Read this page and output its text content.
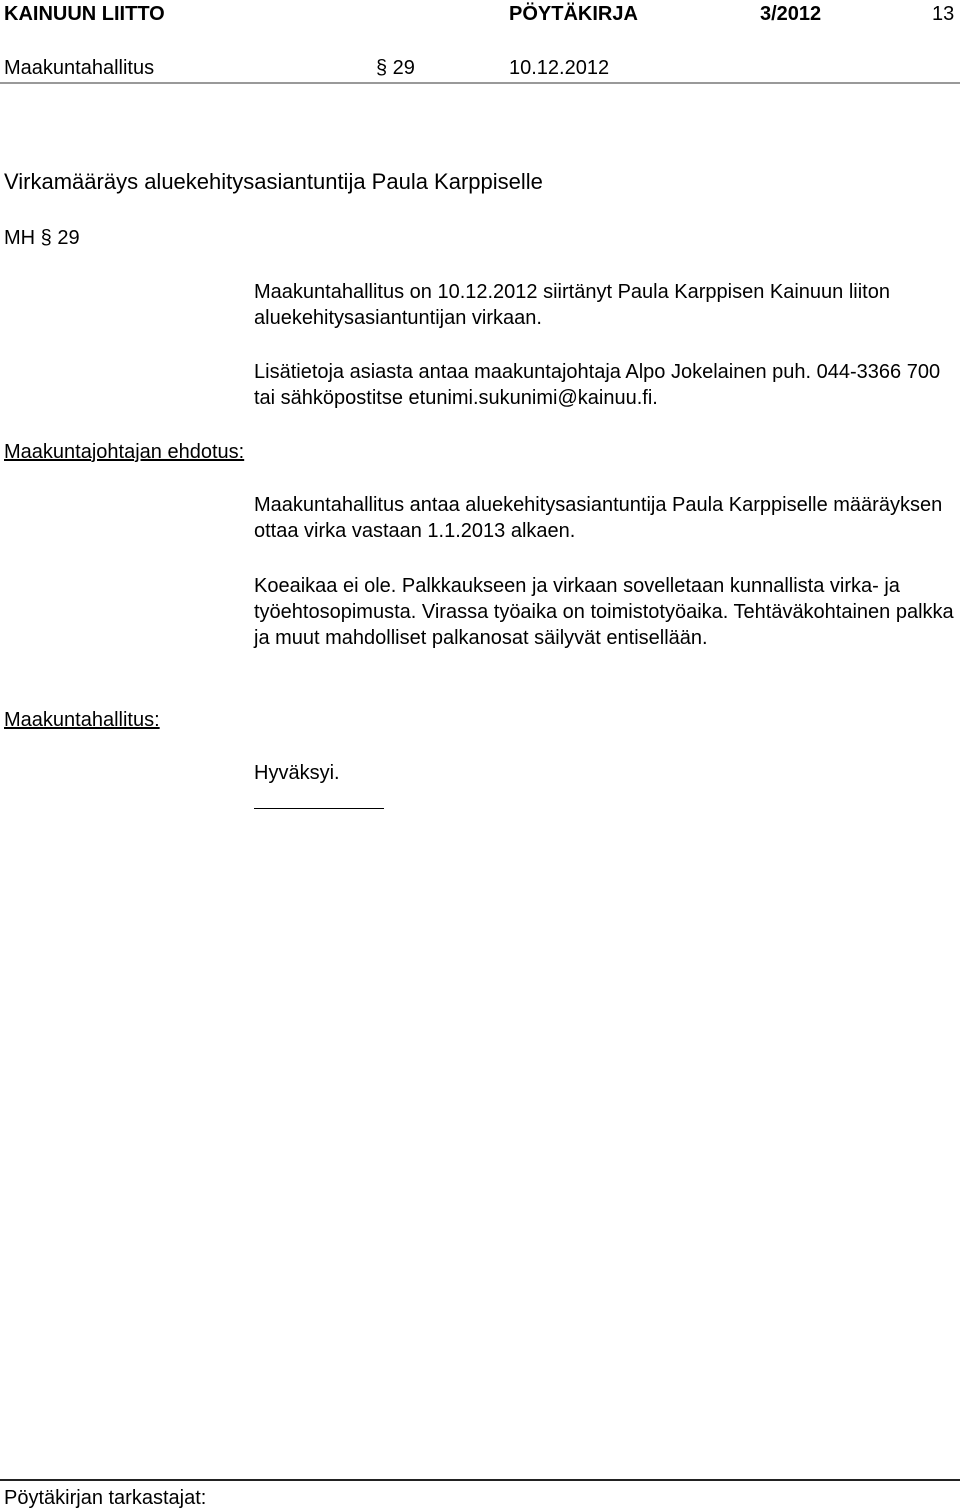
KAINUUN LIITTO	PÖYTÄKIRJA	3/2012	13
Maakuntahallitus	§ 29	10.12.2012
Virkamääräys aluekehitysasiantuntija Paula Karppiselle
MH § 29
Maakuntahallitus on 10.12.2012 siirtänyt Paula Karppisen Kainuun liiton aluekehitysasiantuntijan virkaan.
Lisätietoja asiasta antaa maakuntajohtaja Alpo Jokelainen puh. 044-3366 700 tai sähköpostitse etunimi.sukunimi@kainuu.fi.
Maakuntajohtajan ehdotus:
Maakuntahallitus antaa aluekehitysasiantuntija Paula Karppiselle määräyksen ottaa virka vastaan 1.1.2013 alkaen.
Koeaikaa ei ole. Palkkaukseen ja virkaan sovelletaan kunnallista virka- ja työehtosopimusta. Virassa työaika on toimistotyöaika. Tehtäväkohtainen palkka ja muut mahdolliset palkanosat säilyvät entisellään.
Maakuntahallitus:
Hyväksyi.
Pöytäkirjan tarkastajat:
